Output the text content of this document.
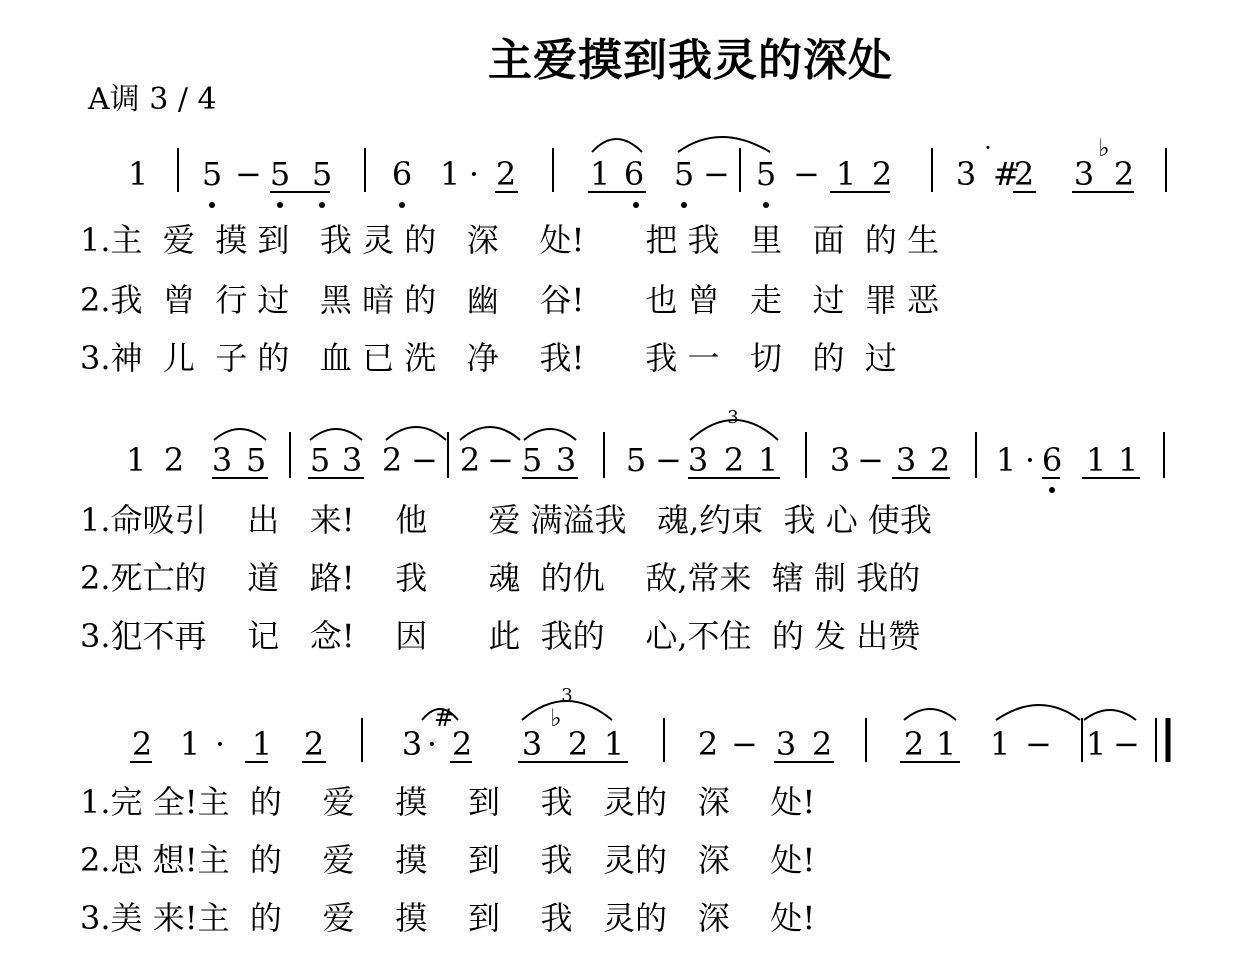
主爱摸到我灵的深处
A调 3 / 4
1 5 − 5 5 6 1 · 2 1 6 5 − 5 − 1 2 3
·
#
2 3
♭
2
1.主  爱  摸 到   我 灵 的   深    处!      把 我   里   面  的 生
2.我  曾  行 过   黑 暗 的   幽    谷!      也 曾   走   过  罪 恶
3.神  儿  子 的   血 已 洗   净    我!      我 一   切   的  过
1 2 3 5 5 3 2 − 2 − 5 3 5 − 3 2 1 3 − 3 2 1 · 6 1 1
3
1.命吸引    出   来!    他      爱 满溢我   魂,约束  我 心 使我
2.死亡的    道   路!    我      魂  的仇    敌,常来  辖 制 我的
3.犯不再    记   念!    因      此  我的    心,不住  的 发 出赞
2 1 · 1 2 3 ·
#
2 3
♭
2 1 2 − 3 2 2 1 1 − 1 −
3
1.完 全!主  的    爱    摸    到    我   灵的   深    处!
2.思 想!主  的    爱    摸    到    我   灵的   深    处!
3.美 来!主  的    爱    摸    到    我   灵的   深    处!
